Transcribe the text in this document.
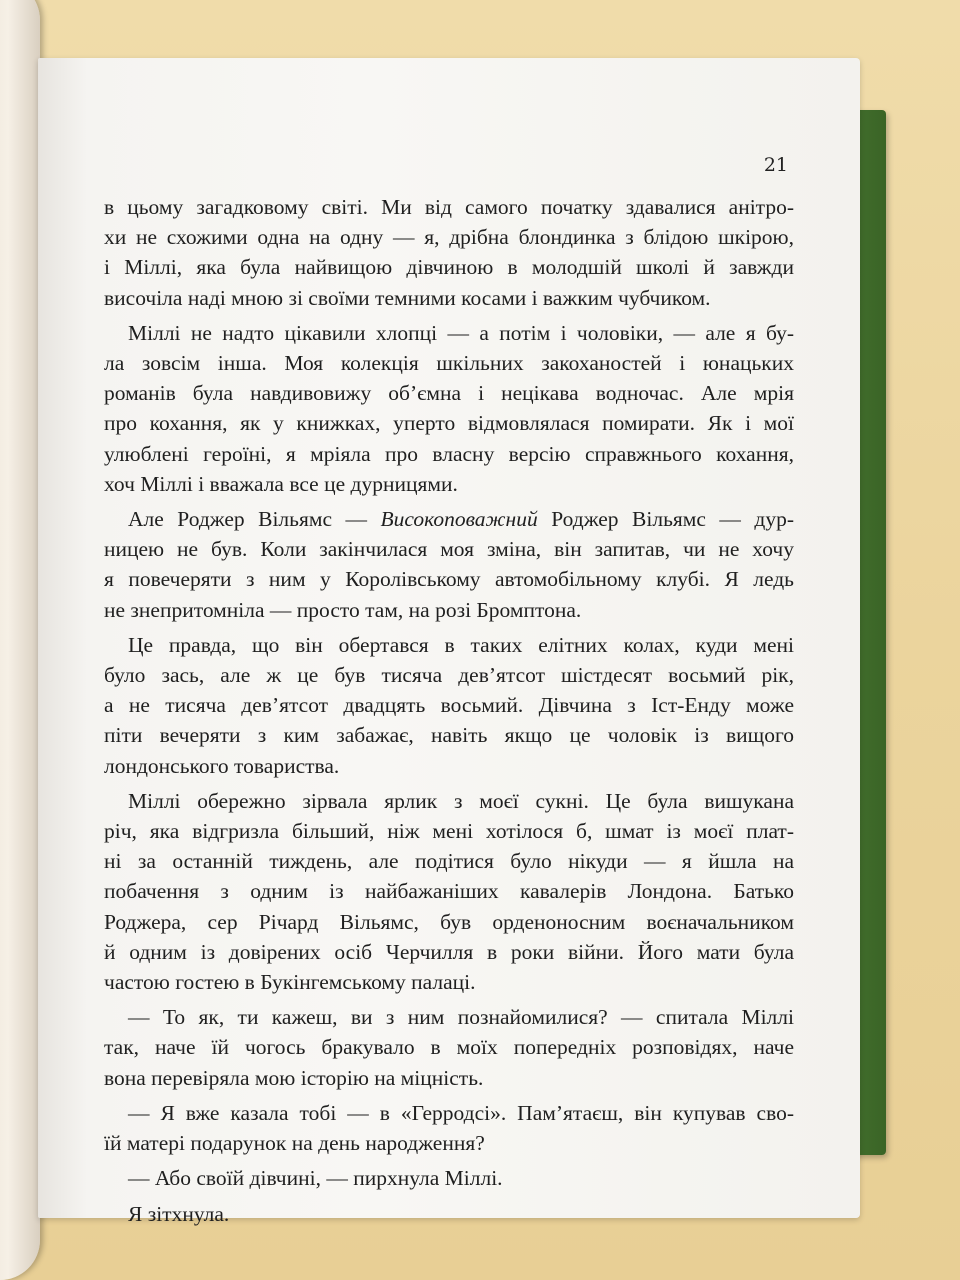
21

в цьому загадковому світі. Ми від самого початку здавалися анітро-
хи не схожими одна на одну — я, дрібна блондинка з блідою шкірою,
і Міллі, яка була найвищою дівчиною в молодшій школі й завжди
височіла наді мною зі своїми темними косами і важким чубчиком.

Міллі не надто цікавили хлопці — а потім і чоловіки, — але я бу-
ла зовсім інша. Моя колекція шкільних закоханостей і юнацьких
романів була навдивовижу об’ємна і нецікава водночас. Але мрія
про кохання, як у книжках, уперто відмовлялася помирати. Як і мої
улюблені героїні, я мріяла про власну версію справжнього кохання,
хоч Міллі і вважала все це дурницями.

Але Роджер Вільямс — Високоповажний Роджер Вільямс — дур-
ницею не був. Коли закінчилася моя зміна, він запитав, чи не хочу
я повечеряти з ним у Королівському автомобільному клубі. Я ледь
не знепритомніла — просто там, на розі Бромптона.

Це правда, що він обертався в таких елітних колах, куди мені
було зась, але ж це був тисяча дев’ятсот шістдесят восьмий рік,
а не тисяча дев’ятсот двадцять восьмий. Дівчина з Іст-Енду може
піти вечеряти з ким забажає, навіть якщо це чоловік із вищого
лондонського товариства.

Міллі обережно зірвала ярлик з моєї сукні. Це була вишукана
річ, яка відгризла більший, ніж мені хотілося б, шмат із моєї плат-
ні за останній тиждень, але подітися було нікуди — я йшла на
побачення з одним із найбажаніших кавалерів Лондона. Батько
Роджера, сер Річард Вільямс, був орденоносним воєначальником
й одним із довірених осіб Черчилля в роки війни. Його мати була
частою гостею в Букінгемському палаці.

— То як, ти кажеш, ви з ним познайомилися? — спитала Міллі
так, наче їй чогось бракувало в моїх попередніх розповідях, наче
вона перевіряла мою історію на міцність.

— Я вже казала тобі — в «Герродсі». Пам’ятаєш, він купував сво-
їй матері подарунок на день народження?

— Або своїй дівчині, — пирхнула Міллі.

Я зітхнула.
